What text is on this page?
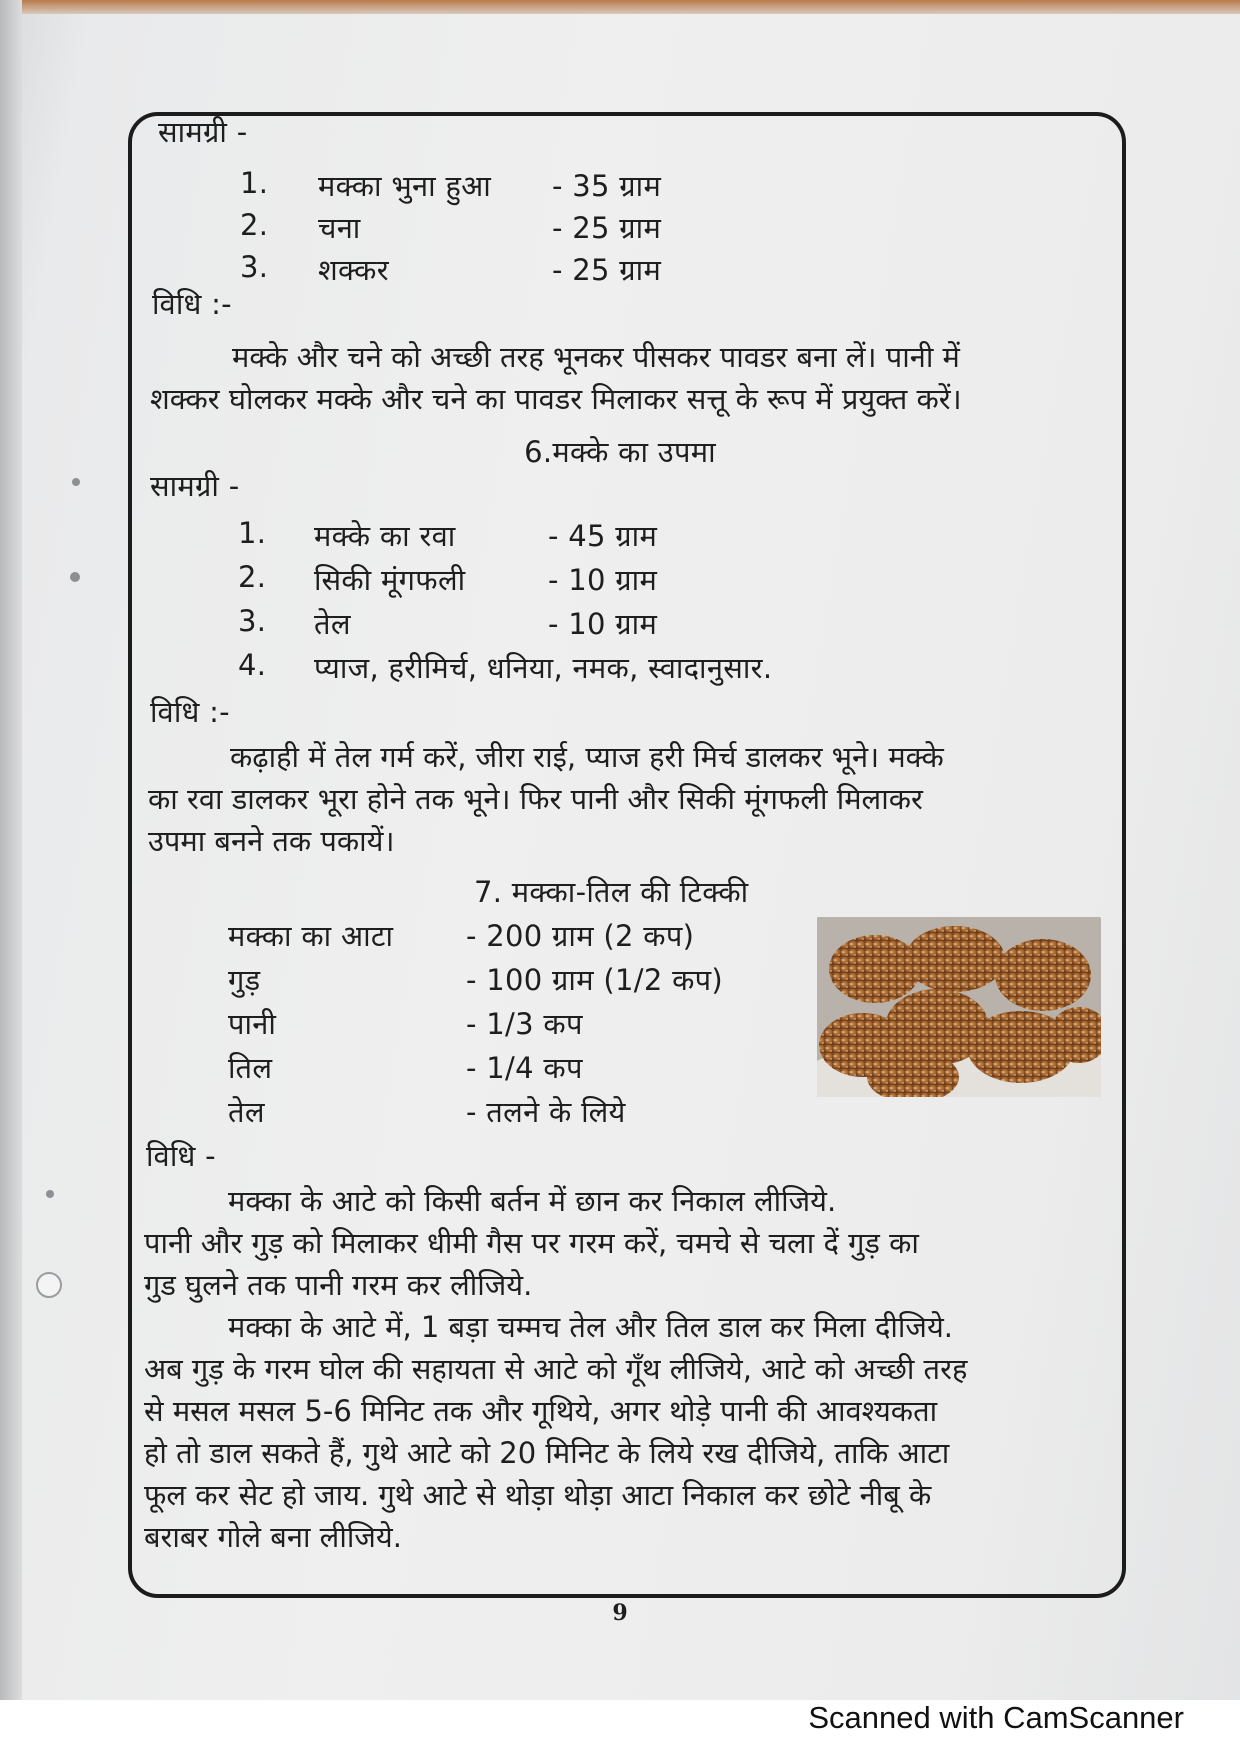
सामग्री -
1. मक्का भुना हुआ - 35 ग्राम
2. चना	- 25 ग्राम
3. शक्कर	- 25 ग्राम
विधि :-
मक्के और चने को अच्छी तरह भूनकर पीसकर पावडर बना लें। पानी में
शक्कर घोलकर मक्के और चने का पावडर मिलाकर सत्तू के रूप में प्रयुक्त करें।
6.मक्के का उपमा
सामग्री -
1. मक्के का रवा	- 45 ग्राम
2. सिकी मूंगफली	- 10 ग्राम
3. तेल	- 10 ग्राम
4. प्याज, हरीमिर्च, धनिया, नमक, स्वादानुसार.
विधि :-
कढ़ाही में तेल गर्म करें, जीरा राई, प्याज हरी मिर्च डालकर भूने। मक्के
का रवा डालकर भूरा होने तक भूने। फिर पानी और सिकी मूंगफली मिलाकर
उपमा बनने तक पकायें।
7. मक्का-तिल की टिक्की
मक्का का आटा	- 200 ग्राम (2 कप)
गुड़	- 100 ग्राम (1/2 कप)
पानी	- 1/3 कप
तिल	- 1/4 कप
तेल	- तलने के लिये
विधि -
मक्का के आटे को किसी बर्तन में छान कर निकाल लीजिये.
पानी और गुड़ को मिलाकर धीमी गैस पर गरम करें, चमचे से चला दें गुड़ का
गुड घुलने तक पानी गरम कर लीजिये.
मक्का के आटे में, 1 बड़ा चम्मच तेल और तिल डाल कर मिला दीजिये.
अब गुड़ के गरम घोल की सहायता से आटे को गूँथ लीजिये, आटे को अच्छी तरह
से मसल मसल 5-6 मिनिट तक और गूथिये, अगर थोड़े पानी की आवश्यकता
हो तो डाल सकते हैं, गुथे आटे को 20 मिनिट के लिये रख दीजिये, ताकि आटा
फूल कर सेट हो जाय. गुथे आटे से थोड़ा थोड़ा आटा निकाल कर छोटे नीबू के
बराबर गोले बना लीजिये.
9
Scanned with CamScanner
